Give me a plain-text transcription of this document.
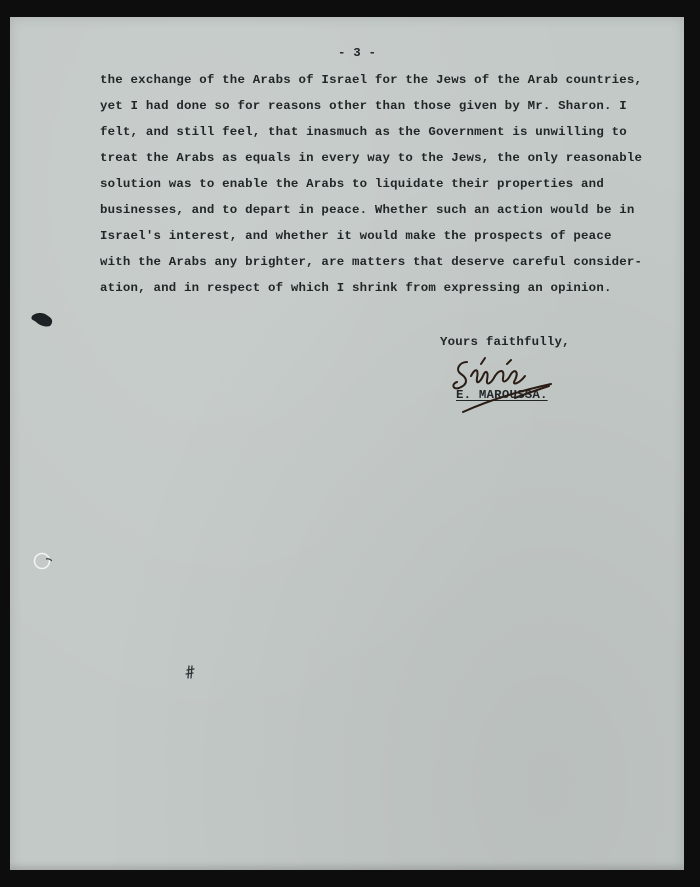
- 3 -
the exchange of the Arabs of Israel for the Jews of the Arab countries,
yet I had done so for reasons other than those given by Mr. Sharon. I
felt, and still feel, that inasmuch as the Government is unwilling to
treat the Arabs as equals in every way to the Jews, the only reasonable
solution was to enable the Arabs to liquidate their properties and
businesses, and to depart in peace. Whether such an action would be in
Israel's interest, and whether it would make the prospects of peace
with the Arabs any brighter, are matters that deserve careful consider-
ation, and in respect of which I shrink from expressing an opinion.
Yours faithfully,
E. MAROUSSA.
